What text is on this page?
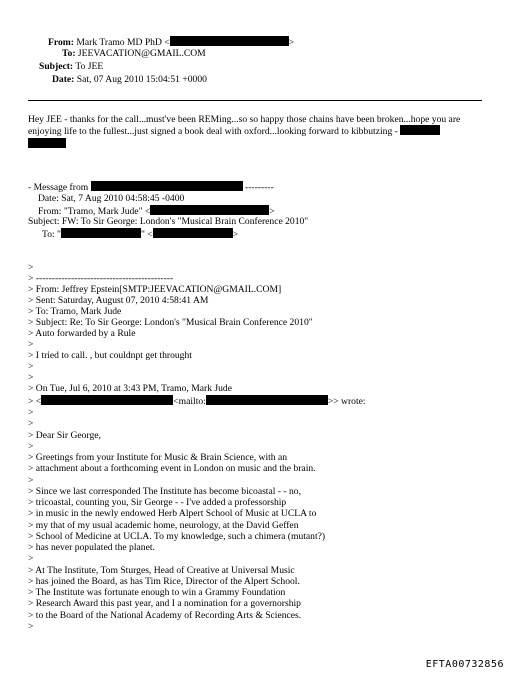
From: Mark Tramo MD PhD <	>
To: JEEVACATION@GMAIL.COM
Subject: To JEE
Date: Sat, 07 Aug 2010 15:04:51 +0000
Hey JEE - thanks for the call...must've been REMing...so so happy those chains have been broken...hope you are enjoying life to the fullest...just signed a book deal with oxford...looking forward to kibbutzing -

- Message from	---------
Date: Sat, 7 Aug 2010 04:58:45 -0400
From: "Tramo, Mark Jude" <	>
Subject: FW: To Sir George: London's "Musical Brain Conference 2010"
To: "	" <	>
>
> -------------------------------------------
> From: Jeffrey Epstein[SMTP:JEEVACATION@GMAIL.COM]
> Sent: Saturday, August 07, 2010 4:58:41 AM
> To: Tramo, Mark Jude
> Subject: Re: To Sir George: London's "Musical Brain Conference 2010"
> Auto forwarded by a Rule
>
> I tried to call. , but couldnpt get throught
>
>
> On Tue, Jul 6, 2010 at 3:43 PM, Tramo, Mark Jude
> <	<mailto:	>> wrote:
>
>
> Dear Sir George,
>
> Greetings from your Institute for Music & Brain Science, with an
> attachment about a forthcoming event in London on music and the brain.
>
> Since we last corresponded The Institute has become bicoastal - - no,
> tricoastal, counting you, Sir George - - I've added a professorship
> in music in the newly endowed Herb Alpert School of Music at UCLA to
> my that of my usual academic home, neurology, at the David Geffen
> School of Medicine at UCLA. To my knowledge, such a chimera (mutant?)
> has never populated the planet.
>
> At The Institute, Tom Sturges, Head of Creative at Universal Music
> has joined the Board, as has Tim Rice, Director of the Alpert School.
> The Institute was fortunate enough to win a Grammy Foundation
> Research Award this past year, and I a nomination for a governorship
> to the Board of the National Academy of Recording Arts & Sciences.
>
EFTA00732856
